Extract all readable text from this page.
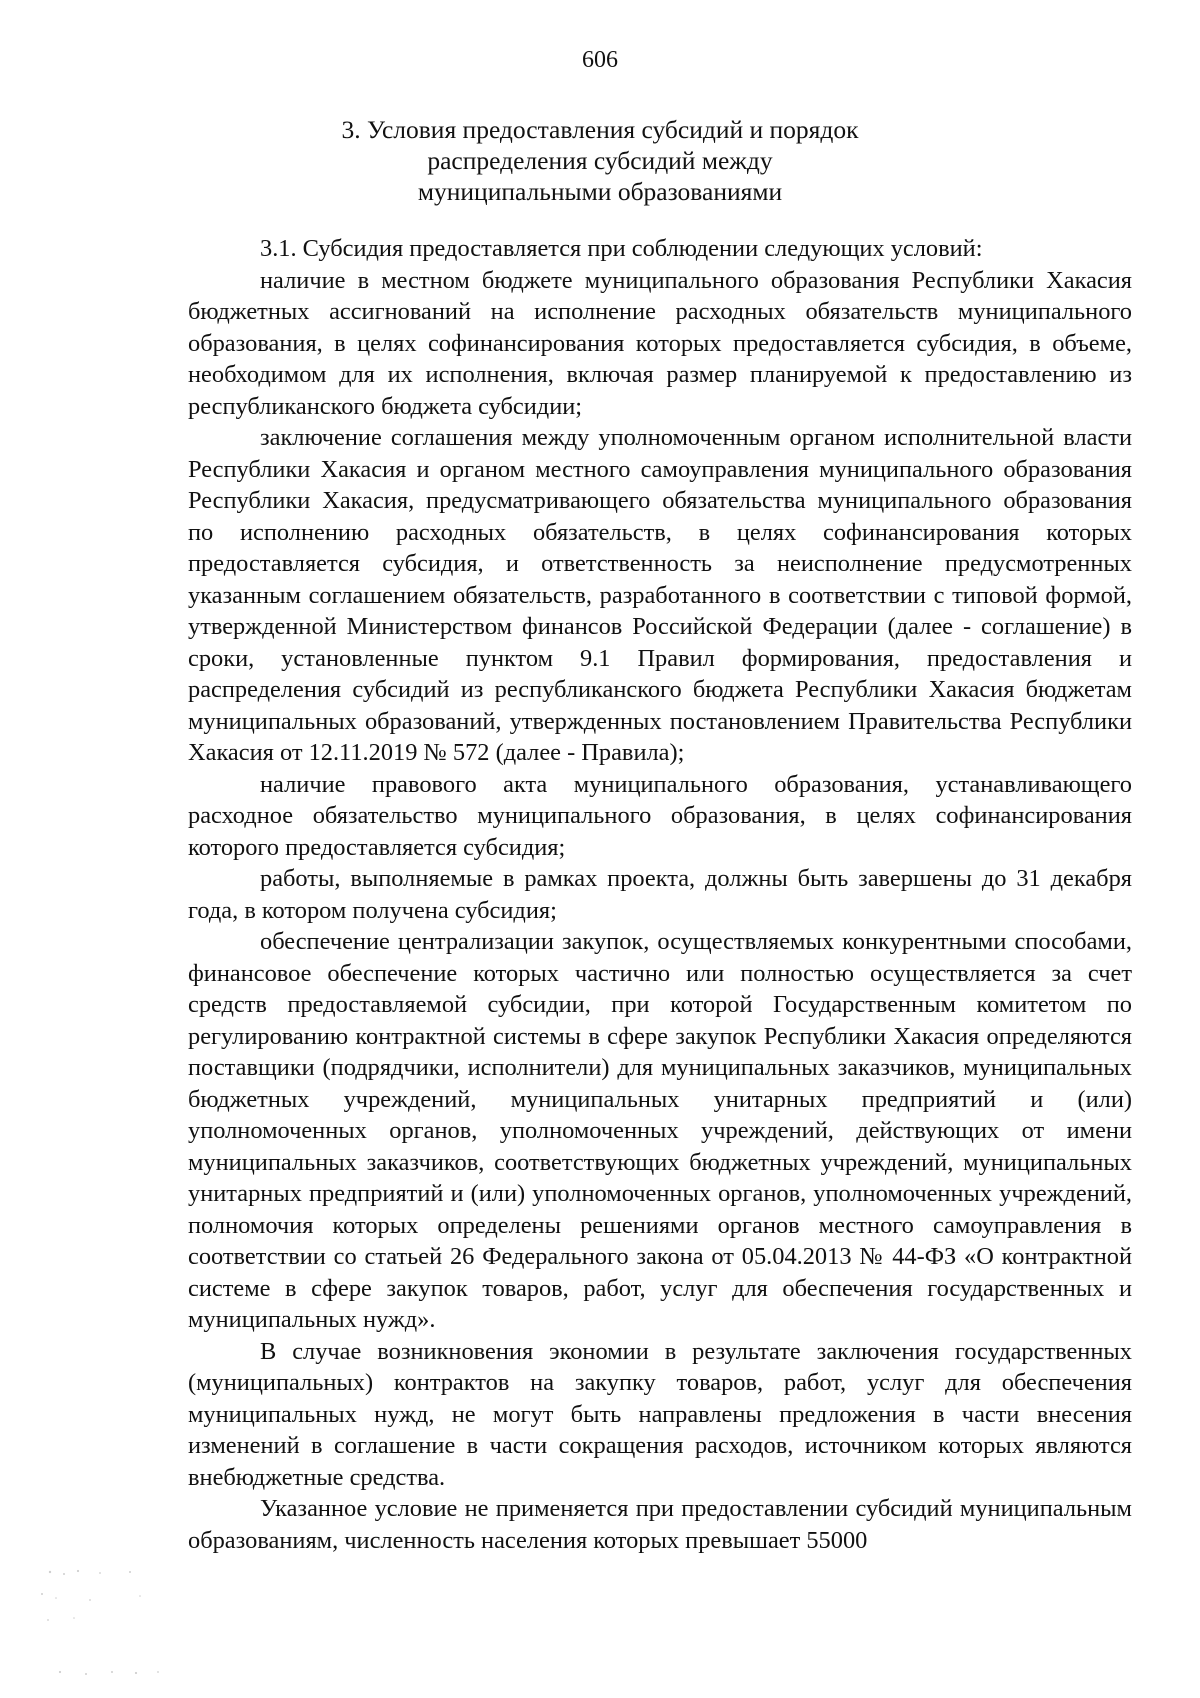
606
3. Условия предоставления субсидий и порядок
распределения субсидий между
муниципальными образованиями

3.1. Субсидия предоставляется при соблюдении следующих условий:

наличие в местном бюджете муниципального образования Республики Хакасия бюджетных ассигнований на исполнение расходных обязательств муниципального образования, в целях софинансирования которых предоставляется субсидия, в объеме, необходимом для их исполнения, включая размер планируемой к предоставлению из республиканского бюджета субсидии;

заключение соглашения между уполномоченным органом исполнительной власти Республики Хакасия и органом местного самоуправления муниципального образования Республики Хакасия, предусматривающего обязательства муниципального образования по исполнению расходных обязательств, в целях софинансирования которых предоставляется субсидия, и ответственность за неисполнение предусмотренных указанным соглашением обязательств, разработанного в соответствии с типовой формой, утвержденной Министерством финансов Российской Федерации (далее - соглашение) в сроки, установленные пунктом 9.1 Правил формирования, предоставления и распределения субсидий из республиканского бюджета Республики Хакасия бюджетам муниципальных образований, утвержденных постановлением Правительства Республики Хакасия от 12.11.2019 № 572 (далее - Правила);

наличие правового акта муниципального образования, устанавливающего расходное обязательство муниципального образования, в целях софинансирования которого предоставляется субсидия;

работы, выполняемые в рамках проекта, должны быть завершены до 31 декабря года, в котором получена субсидия;

обеспечение централизации закупок, осуществляемых конкурентными способами, финансовое обеспечение которых частично или полностью осуществляется за счет средств предоставляемой субсидии, при которой Государственным комитетом по регулированию контрактной системы в сфере закупок Республики Хакасия определяются поставщики (подрядчики, исполнители) для муниципальных заказчиков, муниципальных бюджетных учреждений, муниципальных унитарных предприятий и (или) уполномоченных органов, уполномоченных учреждений, действующих от имени муниципальных заказчиков, соответствующих бюджетных учреждений, муниципальных унитарных предприятий и (или) уполномоченных органов, уполномоченных учреждений, полномочия которых определены решениями органов местного самоуправления в соответствии со статьей 26 Федерального закона от 05.04.2013 № 44-ФЗ «О контрактной системе в сфере закупок товаров, работ, услуг для обеспечения государственных и муниципальных нужд».

В случае возникновения экономии в результате заключения государственных (муниципальных) контрактов на закупку товаров, работ, услуг для обеспечения муниципальных нужд, не могут быть направлены предложения в части внесения изменений в соглашение в части сокращения расходов, источником которых являются внебюджетные средства.

Указанное условие не применяется при предоставлении субсидий муниципальным образованиям, численность населения которых превышает 55000
